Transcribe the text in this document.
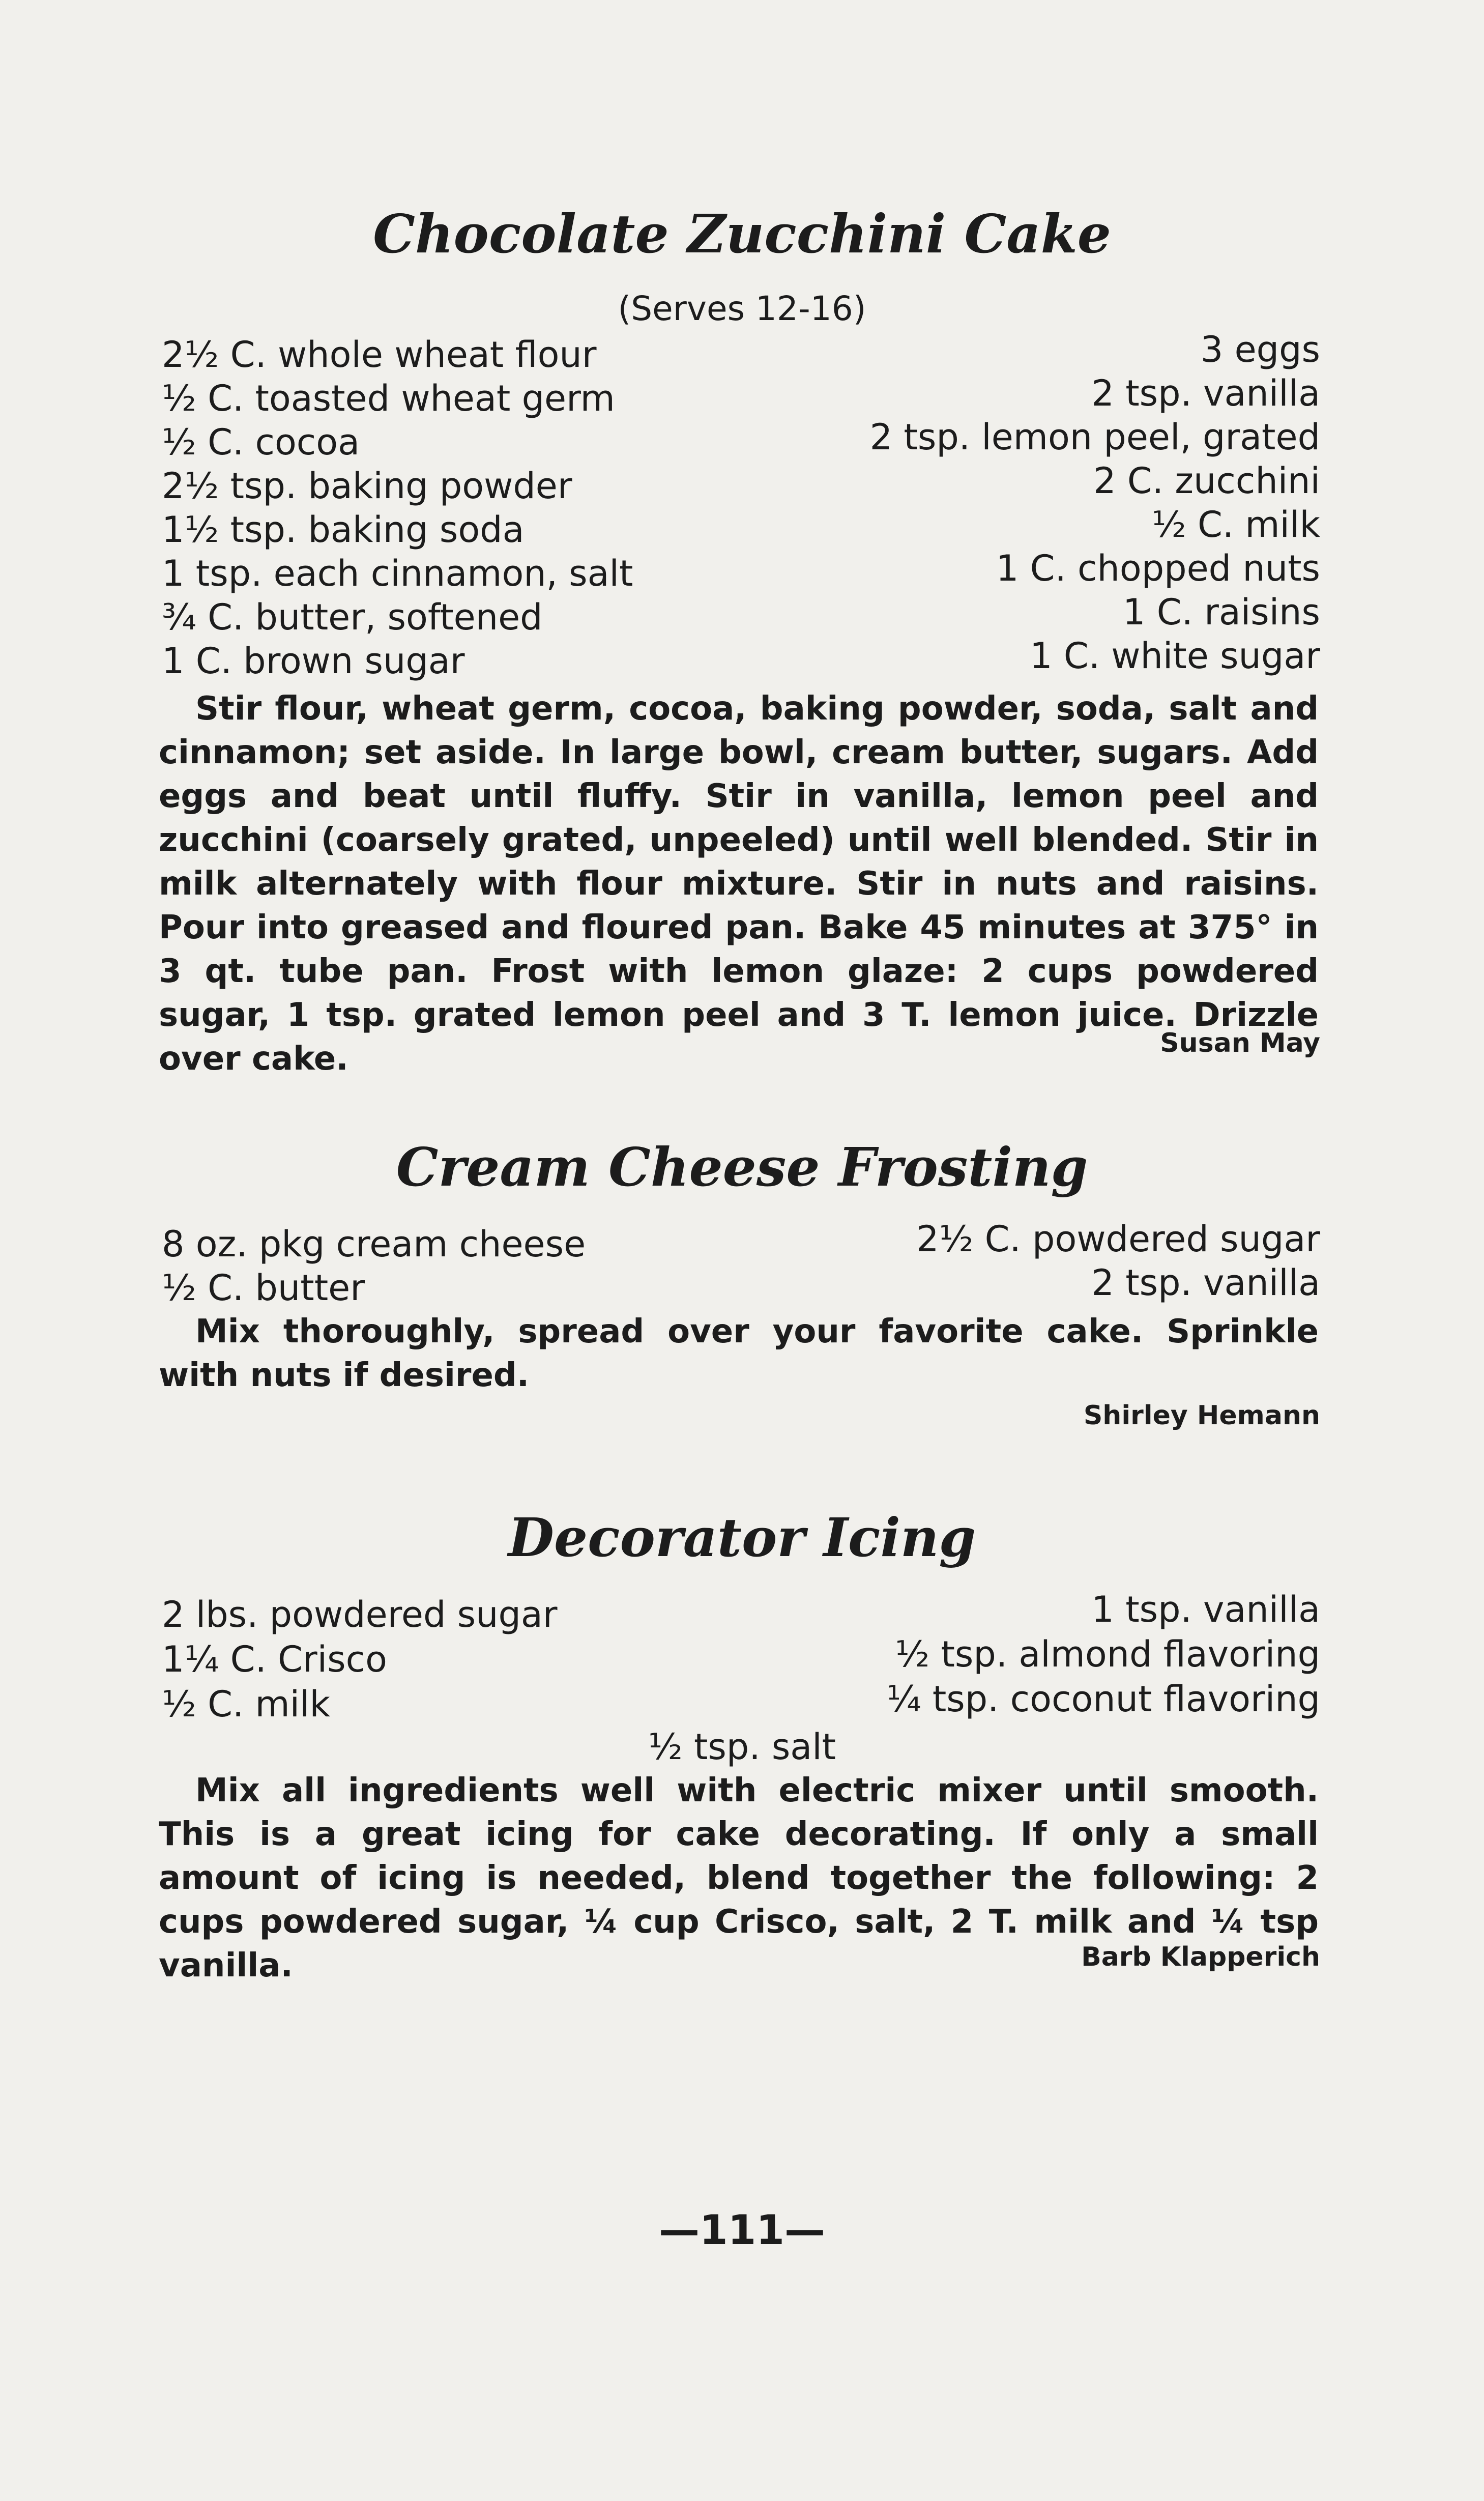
Chocolate Zucchini Cake
(Serves 12-16)
2½ C. whole wheat flour
½ C. toasted wheat germ
½ C. cocoa
2½ tsp. baking powder
1½ tsp. baking soda
1 tsp. each cinnamon, salt
¾ C. butter, softened
1 C. brown sugar
3 eggs
2 tsp. vanilla
2 tsp. lemon peel, grated
2 C. zucchini
½ C. milk
1 C. chopped nuts
1 C. raisins
1 C. white sugar

Stir flour, wheat germ, cocoa, baking powder, soda, salt and cinnamon; set aside. In large bowl, cream butter, sugars. Add eggs and beat until fluffy. Stir in vanilla, lemon peel and zucchini (coarsely grated, unpeeled) until well blended. Stir in milk alternately with flour mixture. Stir in nuts and raisins. Pour into greased and floured pan. Bake 45 minutes at 375° in 3 qt. tube pan. Frost with lemon glaze: 2 cups powdered sugar, 1 tsp. grated lemon peel and 3 T. lemon juice. Drizzle over cake.	Susan May
Cream Cheese Frosting
8 oz. pkg cream cheese
½ C. butter
2½ C. powdered sugar
2 tsp. vanilla

Mix thoroughly, spread over your favorite cake. Sprinkle with nuts if desired.

Shirley Hemann
Decorator Icing
2 lbs. powdered sugar
1¼ C. Crisco
½ C. milk
1 tsp. vanilla
½ tsp. almond flavoring
¼ tsp. coconut flavoring
½ tsp. salt

Mix all ingredients well with electric mixer until smooth. This is a great icing for cake decorating. If only a small amount of icing is needed, blend together the following: 2 cups powdered sugar, ¼ cup Crisco, salt, 2 T. milk and ¼ tsp vanilla.	Barb Klapperich
—111—
